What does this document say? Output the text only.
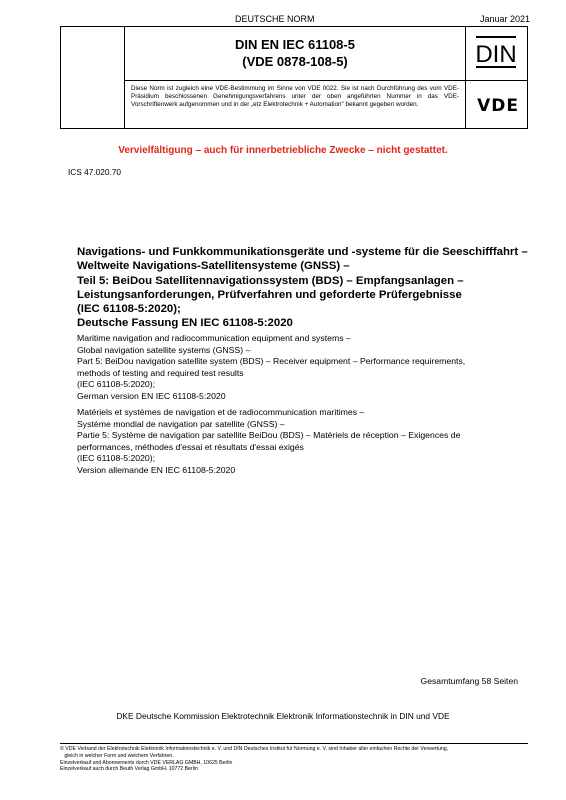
DEUTSCHE NORM	Januar 2021
DIN EN IEC 61108-5
(VDE 0878-108-5)
Diese Norm ist zugleich eine VDE-Bestimmung im Sinne von VDE 0022. Sie ist nach Durchführung des vom VDE-Präsidium beschlossenen Genehmigungsverfahrens unter der oben angeführten Nummer in das VDE-Vorschriftenwerk aufgenommen und in der „etz Elektrotechnik + Automation" bekannt gegeben worden.
DIN
VDE
Vervielfältigung – auch für innerbetriebliche Zwecke – nicht gestattet.
ICS 47.020.70
Navigations- und Funkkommunikationsgeräte und -systeme für die Seeschifffahrt –
Weltweite Navigations-Satellitensysteme (GNSS) –
Teil 5: BeiDou Satellitennavigationssystem (BDS) – Empfangsanlagen –
Leistungsanforderungen, Prüfverfahren und geforderte Prüfergebnisse
(IEC 61108-5:2020);
Deutsche Fassung EN IEC 61108-5:2020
Maritime navigation and radiocommunication equipment and systems –
Global navigation satellite systems (GNSS) –
Part 5: BeiDou navigation satellite system (BDS) – Receiver equipment – Performance requirements,
methods of testing and required test results
(IEC 61108-5:2020);
German version EN IEC 61108-5:2020
Matériels et systèmes de navigation et de radiocommunication maritimes –
Système mondial de navigation par satellite (GNSS) –
Partie 5: Système de navigation par satellite BeiDou (BDS) – Matériels de réception – Exigences de
performances, méthodes d'essai et résultats d'essai exigés
(IEC 61108-5:2020);
Version allemande EN IEC 61108-5:2020
Gesamtumfang 58 Seiten
DKE Deutsche Kommission Elektrotechnik Elektronik Informationstechnik in DIN und VDE
© VDE Verband der Elektrotechnik Elektronik Informationstechnik e. V. und DIN Deutsches Institut für Normung e. V. sind Inhaber aller einfachen Rechte der Verwertung,
gleich in welcher Form und welchem Verfahren.
Einzelverkauf und Abonnements durch VDE VERLAG GMBH, 10625 Berlin
Einzelverkauf auch durch Beuth Verlag GmbH, 10772 Berlin
